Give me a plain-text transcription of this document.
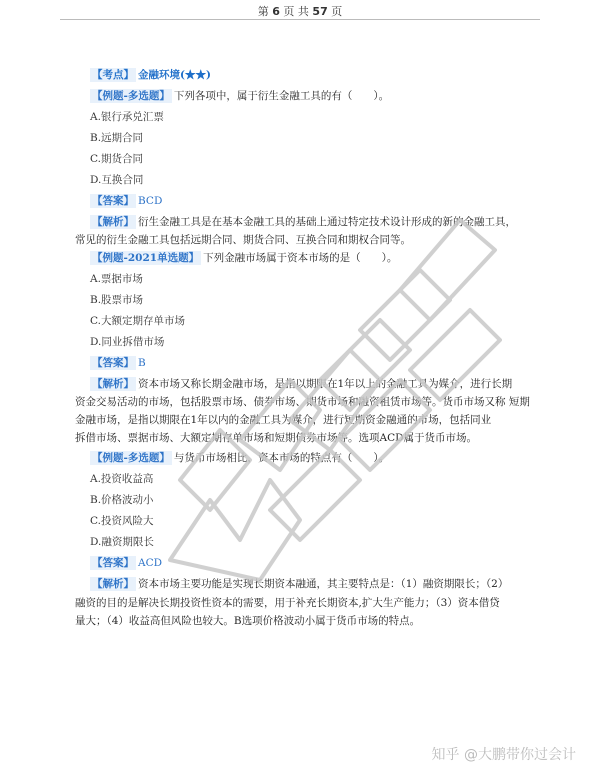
第 6 页 共 57 页
【考点】 金融环境(★★)
【例题-多选题】 下列各项中，属于衍生金融工具的有（　　）。
A.银行承兑汇票
B.远期合同
C.期货合同
D.互换合同
【答案】 BCD
【解析】 衍生金融工具是在基本金融工具的基础上通过特定技术设计形成的新的金融工具，
常见的衍生金融工具包括远期合同、期货合同、互换合同和期权合同等。
【例题-2021单选题】 下列金融市场属于资本市场的是（　　）。
A.票据市场
B.股票市场
C.大额定期存单市场
D.同业拆借市场
【答案】 B
【解析】 资本市场又称长期金融市场，是指以期限在1年以上的金融工具为媒介，进行长期
资金交易活动的市场，包括股票市场、债券市场、期货市场和融资租赁市场等。货币市场又称 短期
金融市场，是指以期限在1年以内的金融工具为媒介，进行短期资金融通的市场，包括同业
拆借市场、票据市场、大额定期存单市场和短期债券市场等。选项ACD属于货币市场。
【例题-多选题】 与货币市场相比，资本市场的特点有（　　）。
A.投资收益高
B.价格波动小
C.投资风险大
D.融资期限长
【答案】 ACD
【解析】 资本市场主要功能是实现长期资本融通，其主要特点是：（1）融资期限长；（2）
融资的目的是解决长期投资性资本的需要，用于补充长期资本,扩大生产能力；（3）资本借贷
量大；（4）收益高但风险也较大。B选项价格波动小属于货币市场的特点。
知乎 @大鹏带你过会计
